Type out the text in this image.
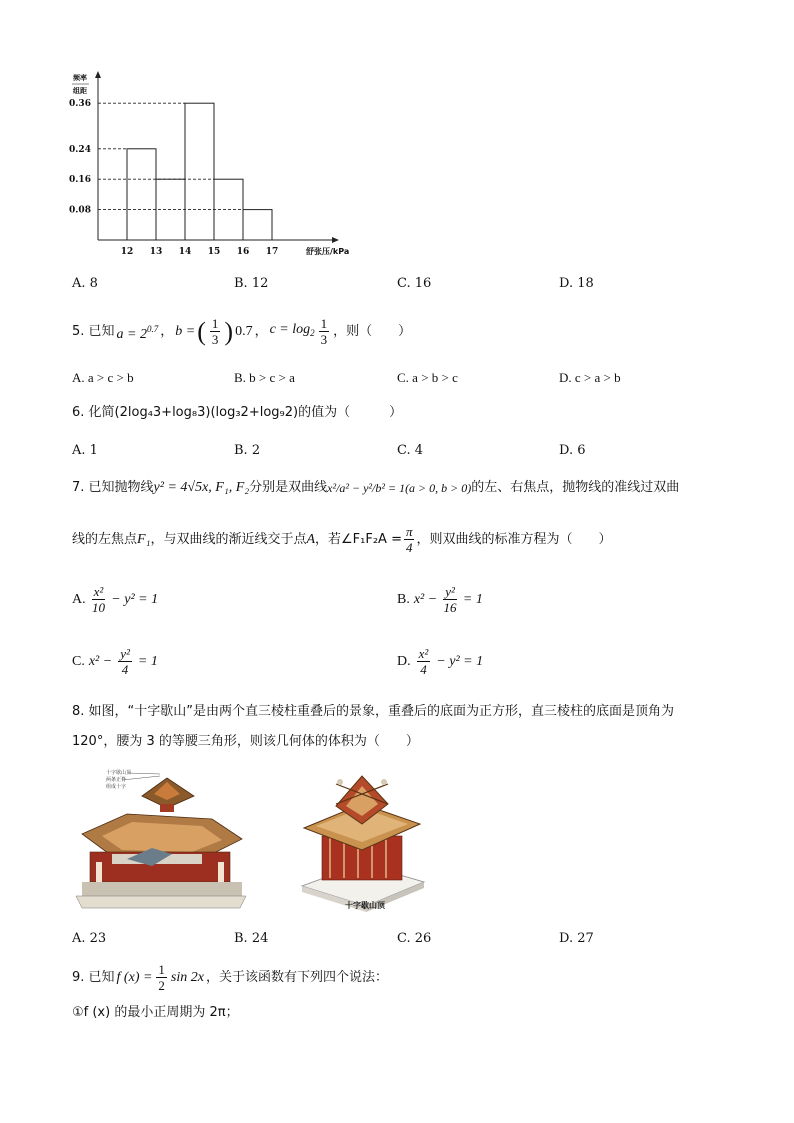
12 13 14 15 16 17
0.36
0.24
0.16
0.08
频率
组距
舒张压/kPa
A. 8	B. 12	C. 16	D. 18
5. 已知 $a = 2^{0.7}$ ， b = ( $\frac{1}{3}$ ) 0.7 ， $c = \log_2 \frac{1}{3}$ ，则（　　）
A. a > c > b	B. b > c > a	C. a > b > c	D. c > a > b
6. 化简(2log₄3+log₈3)(log₃2+log₉2)的值为（　　　）
A. 1	B. 2	C. 4	D. 6
7. 已知抛物线 y² = 4√5x, F₁, F₂ 分别是双曲线 x²/a² − y²/b² = 1(a > 0, b > 0) 的左、右焦点，抛物线的准线过双曲
线的左焦点 F₁ ，与双曲线的渐近线交于点 A ，若∠F₁F₂A = $\frac{\pi}{4}$ ，则双曲线的标准方程为（　　）
A. $\frac{\text{x²}}{10} - y^2 = 1$	B. $x^2 - \frac{\text{y²}}{16} = 1$
C. $x^2 - \frac{\text{y²}}{4} = 1$	D. $\frac{\text{x²}}{4} - y^2 = 1$
8. 如图，“十字歇山”是由两个直三棱柱重叠后的景象，重叠后的底面为正方形，直三棱柱的底面是顶角为
120°，腰为 3 的等腰三角形，则该几何体的体积为（　　）
十字歇山顶
两条正脊
组成十字
十字歇山顶
A. 23	B. 24	C. 26	D. 27
9. 已知 f $(x) = \frac{1}{2}$ sin 2x ，关于该函数有下列四个说法：
①f (x) 的最小正周期为 2π；
